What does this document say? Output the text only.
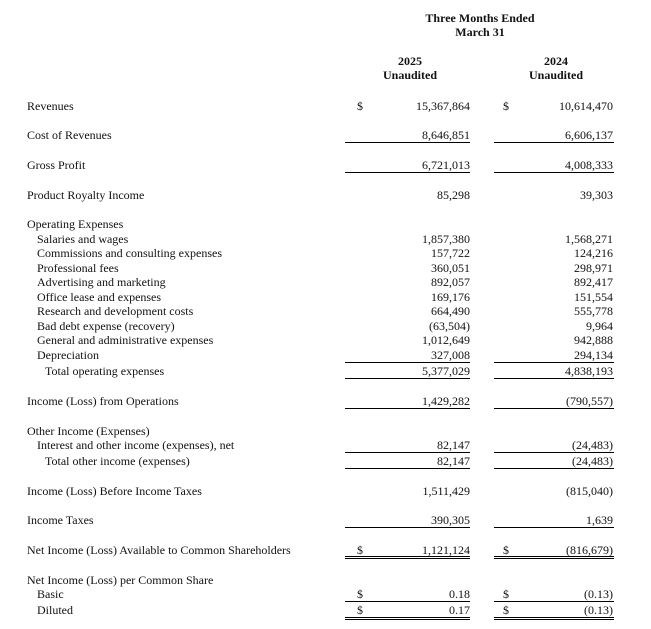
Three Months Ended
March 31
2025
Unaudited
2024
Unaudited
Revenues	$	15,367,864	$	10,614,470
Cost of Revenues	8,646,851	6,606,137
Gross Profit	6,721,013	4,008,333
Product Royalty Income	85,298	39,303
Operating Expenses
Salaries and wages	1,857,380	1,568,271
Commissions and consulting expenses	157,722	124,216
Professional fees	360,051	298,971
Advertising and marketing	892,057	892,417
Office lease and expenses	169,176	151,554
Research and development costs	664,490	555,778
Bad debt expense (recovery)	(63,504)	9,964
General and administrative expenses	1,012,649	942,888
Depreciation	327,008	294,134
Total operating expenses	5,377,029	4,838,193
Income (Loss) from Operations	1,429,282	(790,557)
Other Income (Expenses)
Interest and other income (expenses), net	82,147	(24,483)
Total other income (expenses)	82,147	(24,483)
Income (Loss) Before Income Taxes	1,511,429	(815,040)
Income Taxes	390,305	1,639
Net Income (Loss) Available to Common Shareholders	$	1,121,124	$	(816,679)
Net Income (Loss) per Common Share
Basic	$	0.18	$	(0.13)
Diluted	$	0.17	$	(0.13)
